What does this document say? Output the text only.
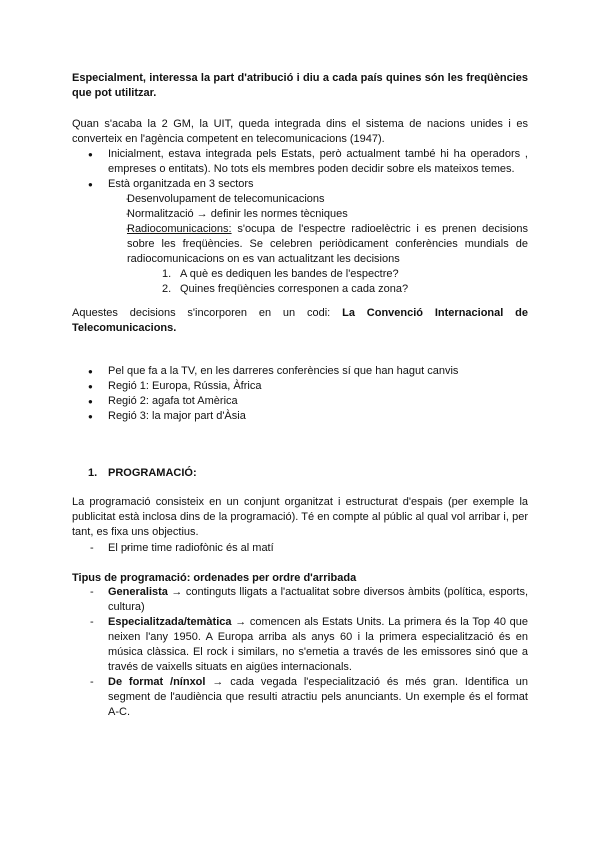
Especialment, interessa la part d'atribució i diu a cada país quines són les freqüències que pot utilitzar.

Quan s'acaba la 2 GM, la UIT, queda integrada dins el sistema de nacions unides i es converteix en l'agència competent en telecomunicacions (1947).

● Inicialment, estava integrada pels Estats, però actualment també hi ha operadors , empreses o entitats). No tots els membres poden decidir sobre els mateixos temes.
● Està organitzada en 3 sectors
- Desenvolupament de telecomunicacions
- Normalització → definir les normes tècniques
- Radiocomunicacions: s'ocupa de l'espectre radioelèctric i es prenen decisions sobre les freqüències. Se celebren periòdicament conferències mundials de radiocomunicacions on es van actualitzant les decisions
1. A què es dediquen les bandes de l'espectre?
2. Quines freqüències corresponen a cada zona?

Aquestes decisions s'incorporen en un codi: La Convenció Internacional de Telecomunicacions.

● Pel que fa a la TV, en les darreres conferències sí que han hagut canvis
● Regió 1: Europa, Rússia, Àfrica
● Regió 2: agafa tot Amèrica
● Regió 3: la major part d'Àsia
1. PROGRAMACIÓ:

La programació consisteix en un conjunt organitzat i estructurat d'espais (per exemple la publicitat està inclosa dins de la programació). Té en compte al públic al qual vol arribar i, per tant, es fixa uns objectius.

- - El prime time radiofònic és al matí
Tipus de programació: ordenades per ordre d'arribada
- Generalista → continguts lligats a l'actualitat sobre diversos àmbits (política, esports, cultura)
- Especialitzada/temàtica → comencen als Estats Units. La primera és la Top 40 que neixen l'any 1950. A Europa arriba als anys 60 i la primera especialització és en música clàssica. El rock i similars, no s'emetia a través de les emissores sinó que a través de vaixells situats en aigües internacionals.
- De format /nínxol → cada vegada l'especialització és més gran. Identifica un segment de l'audiència que resulti atractiu pels anunciants. Un exemple és el format A-C.
